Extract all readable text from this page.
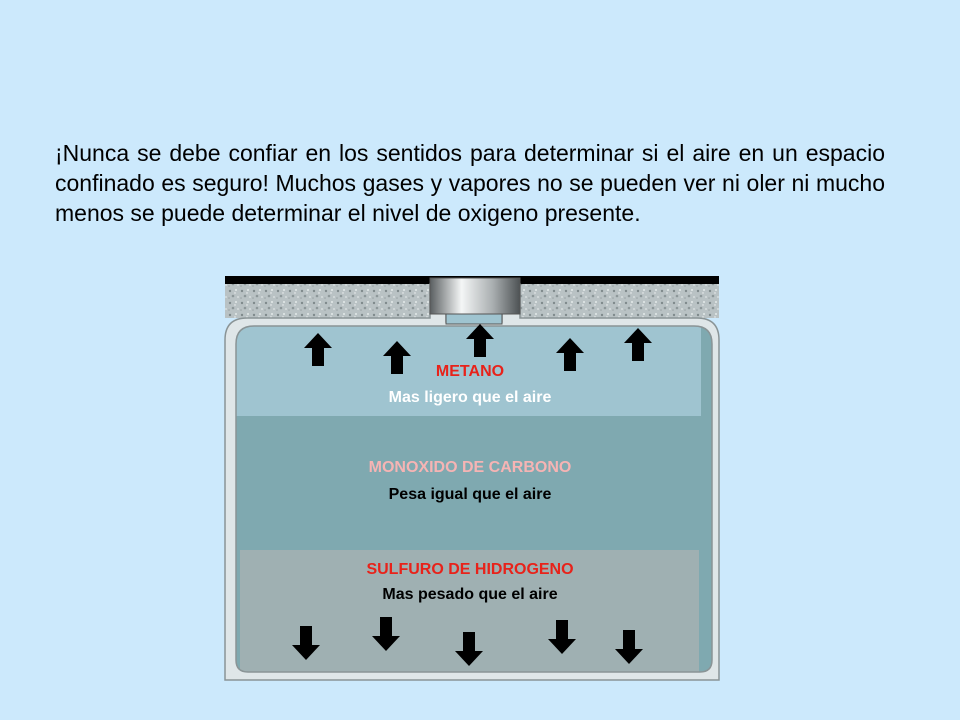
¡Nunca se debe confiar en los sentidos para determinar si el aire en un espacio confinado es seguro! Muchos gases y vapores no se pueden ver ni oler ni mucho menos se puede determinar el nivel de oxigeno presente.

METANO
Mas ligero que el aire
MONOXIDO DE CARBONO
Pesa igual que el aire
SULFURO DE HIDROGENO
Mas pesado que el aire
